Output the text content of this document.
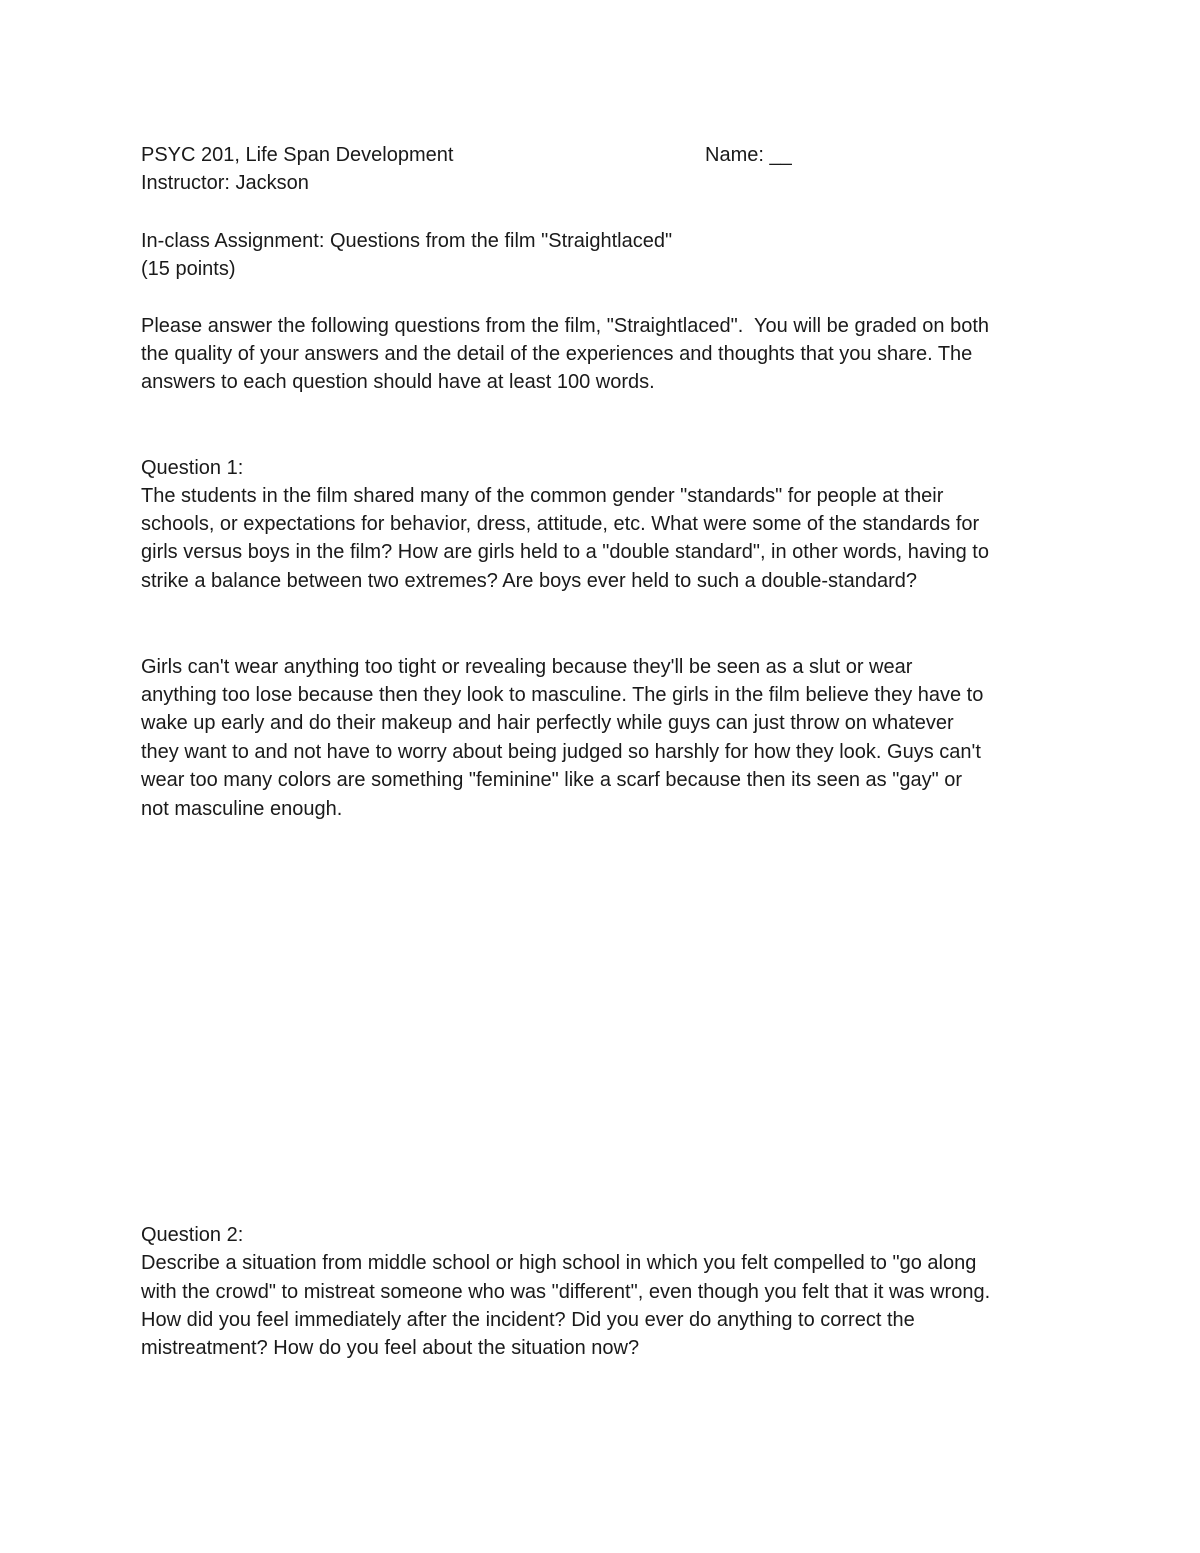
PSYC 201, Life Span Development	Name: __

Instructor: Jackson

In-class Assignment: Questions from the film "Straightlaced"

(15 points)

Please answer the following questions from the film, "Straightlaced".  You will be graded on both

the quality of your answers and the detail of the experiences and thoughts that you share. The

answers to each question should have at least 100 words.

Question 1:

The students in the film shared many of the common gender "standards" for people at their

schools, or expectations for behavior, dress, attitude, etc. What were some of the standards for

girls versus boys in the film? How are girls held to a "double standard", in other words, having to

strike a balance between two extremes? Are boys ever held to such a double-standard?

Girls can't wear anything too tight or revealing because they'll be seen as a slut or wear

anything too lose because then they look to masculine. The girls in the film believe they have to

wake up early and do their makeup and hair perfectly while guys can just throw on whatever

they want to and not have to worry about being judged so harshly for how they look. Guys can't

wear too many colors are something "feminine" like a scarf because then its seen as "gay" or

not masculine enough.

Question 2:

Describe a situation from middle school or high school in which you felt compelled to "go along

with the crowd" to mistreat someone who was "different", even though you felt that it was wrong.

How did you feel immediately after the incident? Did you ever do anything to correct the

mistreatment? How do you feel about the situation now?
